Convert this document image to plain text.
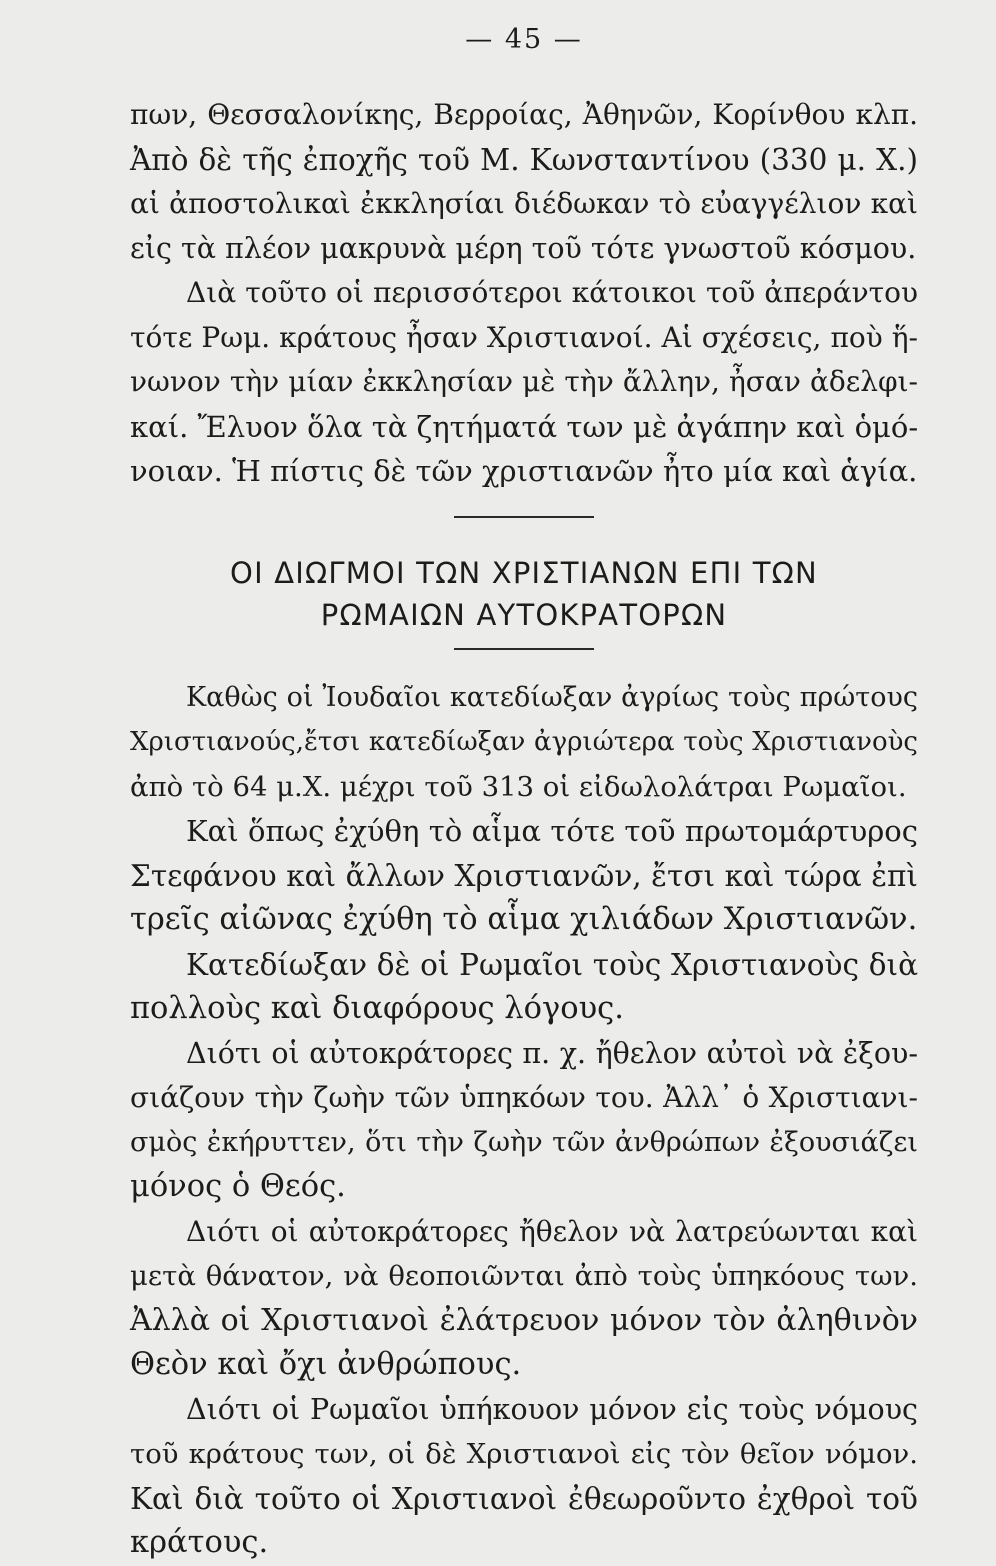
— 45 —
πων, Θεσσαλονίκης, Βερροίας, Ἀθηνῶν, Κορίνθου κλπ.
Ἀπὸ δὲ τῆς ἐποχῆς τοῦ Μ. Κωνσταντίνου (330 μ. Χ.)
αἱ ἀποστολικαὶ ἐκκλησίαι διέδωκαν τὸ εὐαγγέλιον καὶ
εἰς τὰ πλέον μακρυνὰ μέρη τοῦ τότε γνωστοῦ κόσμου.
Διὰ τοῦτο οἱ περισσότεροι κάτοικοι τοῦ ἀπεράντου
τότε Ρωμ. κράτους ἦσαν Χριστιανοί. Αἱ σχέσεις, ποὺ ἥ-
νωνον τὴν μίαν ἐκκλησίαν μὲ τὴν ἄλλην, ἦσαν ἀδελφι-
καί. Ἔλυον ὅλα τὰ ζητήματά των μὲ ἀγάπην καὶ ὁμό-
νοιαν. Ἡ πίστις δὲ τῶν χριστιανῶν ἦτο μία καὶ ἁγία.
ΟΙ ΔΙΩΓΜΟΙ ΤΩΝ ΧΡΙΣΤΙΑΝΩΝ ΕΠΙ ΤΩΝ
ΡΩΜΑΙΩΝ ΑΥΤΟΚΡΑΤΟΡΩΝ
Καθὼς οἱ Ἰουδαῖοι κατεδίωξαν ἀγρίως τοὺς πρώτους
Χριστιανούς,ἔτσι κατεδίωξαν ἀγριώτερα τοὺς Χριστιανοὺς
ἀπὸ τὸ 64 μ.Χ. μέχρι τοῦ 313 οἱ εἰδωλολάτραι Ρωμαῖοι.
Καὶ ὅπως ἐχύθη τὸ αἷμα τότε τοῦ πρωτομάρτυρος
Στεφάνου καὶ ἄλλων Χριστιανῶν, ἔτσι καὶ τώρα ἐπὶ
τρεῖς αἰῶνας ἐχύθη τὸ αἷμα χιλιάδων Χριστιανῶν.
Κατεδίωξαν δὲ οἱ Ρωμαῖοι τοὺς Χριστιανοὺς διὰ
πολλοὺς καὶ διαφόρους λόγους.
Διότι οἱ αὐτοκράτορες π. χ. ἤθελον αὐτοὶ νὰ ἐξου-
σιάζουν τὴν ζωὴν τῶν ὑπηκόων του. Ἀλλ᾽ ὁ Χριστιανι-
σμὸς ἐκήρυττεν, ὅτι τὴν ζωὴν τῶν ἀνθρώπων ἐξουσιάζει
μόνος ὁ Θεός.
Διότι οἱ αὐτοκράτορες ἤθελον νὰ λατρεύωνται καὶ
μετὰ θάνατον, νὰ θεοποιῶνται ἀπὸ τοὺς ὑπηκόους των.
Ἀλλὰ οἱ Χριστιανοὶ ἐλάτρευον μόνον τὸν ἀληθινὸν
Θεὸν καὶ ὄχι ἀνθρώπους.
Διότι οἱ Ρωμαῖοι ὑπήκουον μόνον εἰς τοὺς νόμους
τοῦ κράτους των, οἱ δὲ Χριστιανοὶ εἰς τὸν θεῖον νόμον.
Καὶ διὰ τοῦτο οἱ Χριστιανοὶ ἐθεωροῦντο ἐχθροὶ τοῦ
κράτους.
